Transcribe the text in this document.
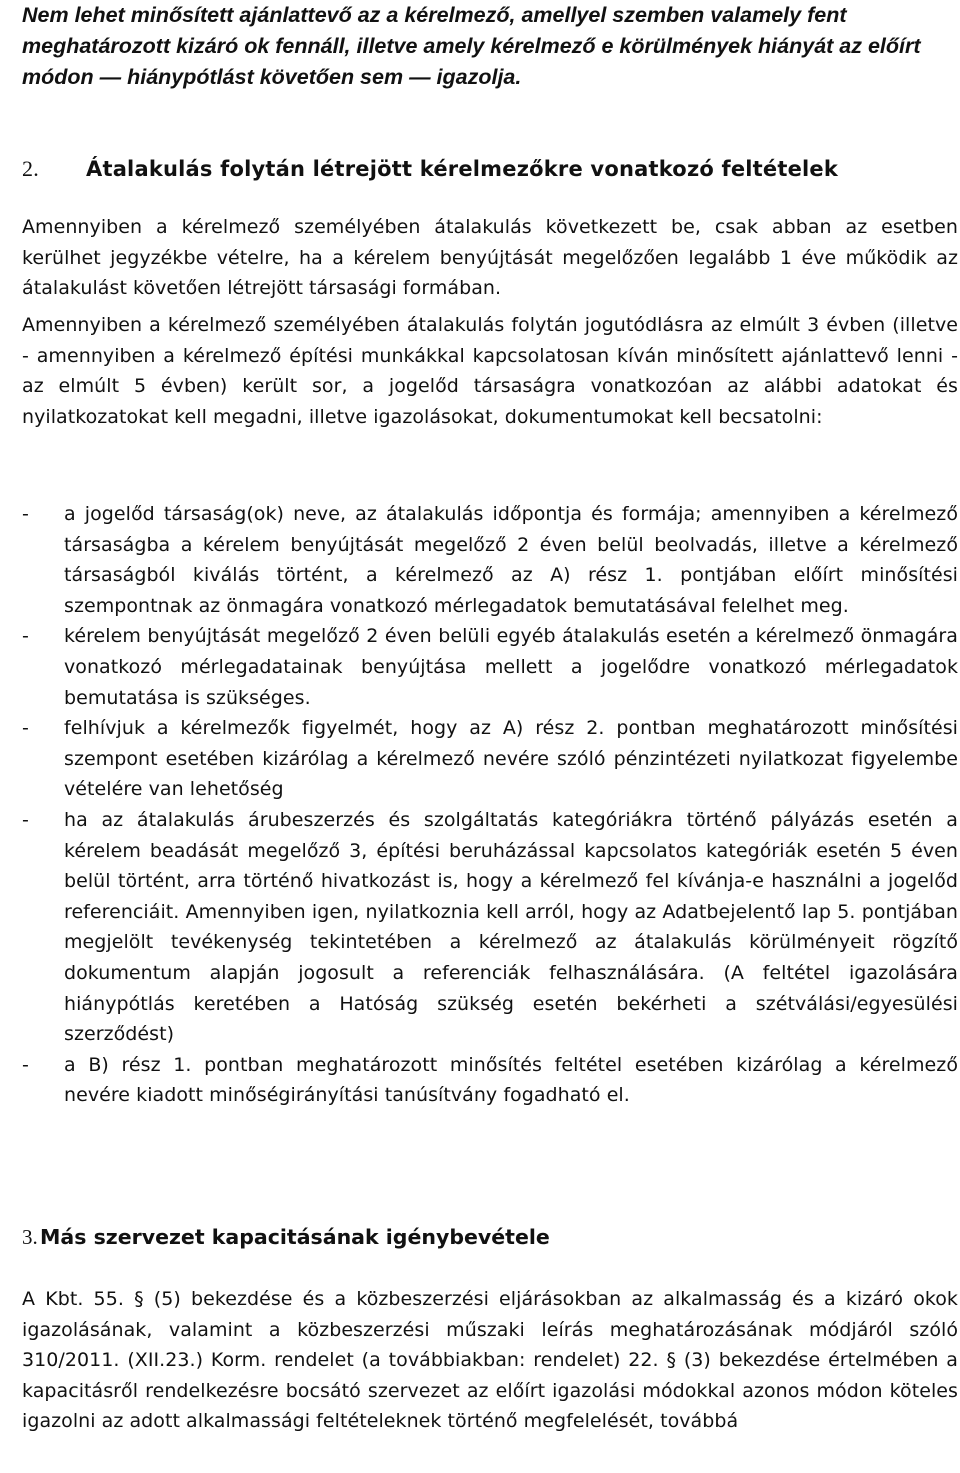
Nem lehet minősített ajánlattevő az a kérelmező, amellyel szemben valamely fent meghatározott kizáró ok fennáll, illetve amely kérelmező e körülmények hiányát az előírt módon — hiánypótlást követően sem — igazolja.

2. Átalakulás folytán létrejött kérelmezőkre vonatkozó feltételek

Amennyiben a kérelmező személyében átalakulás következett be, csak abban az esetben kerülhet jegyzékbe vételre, ha a kérelem benyújtását megelőzően legalább 1 éve működik az átalakulást követően létrejött társasági formában.

Amennyiben a kérelmező személyében átalakulás folytán jogutódlásra az elmúlt 3 évben (illetve - amennyiben a kérelmező építési munkákkal kapcsolatosan kíván minősített ajánlattevő lenni - az elmúlt 5 évben) került sor, a jogelőd társaságra vonatkozóan az alábbi adatokat és nyilatkozatokat kell megadni, illetve igazolásokat, dokumentumokat kell becsatolni:

- a jogelőd társaság(ok) neve, az átalakulás időpontja és formája; amennyiben a kérelmező társaságba a kérelem benyújtását megelőző 2 éven belül beolvadás, illetve a kérelmező társaságból kiválás történt, a kérelmező az A) rész 1. pontjában előírt minősítési szempontnak az önmagára vonatkozó mérlegadatok bemutatásával felelhet meg.
- kérelem benyújtását megelőző 2 éven belüli egyéb átalakulás esetén a kérelmező önmagára vonatkozó mérlegadatainak benyújtása mellett a jogelődre vonatkozó mérlegadatok bemutatása is szükséges.
- felhívjuk a kérelmezők figyelmét, hogy az A) rész 2. pontban meghatározott minősítési szempont esetében kizárólag a kérelmező nevére szóló pénzintézeti nyilatkozat figyelembe vételére van lehetőség
- ha az átalakulás árubeszerzés és szolgáltatás kategóriákra történő pályázás esetén a kérelem beadását megelőző 3, építési beruházással kapcsolatos kategóriák esetén 5 éven belül történt, arra történő hivatkozást is, hogy a kérelmező fel kívánja-e használni a jogelőd referenciáit. Amennyiben igen, nyilatkoznia kell arról, hogy az Adatbejelentő lap 5. pontjában megjelölt tevékenység tekintetében a kérelmező az átalakulás körülményeit rögzítő dokumentum alapján jogosult a referenciák felhasználására. (A feltétel igazolására hiánypótlás keretében a Hatóság szükség esetén bekérheti a szétválási/egyesülési szerződést)
- a B) rész 1. pontban meghatározott minősítés feltétel esetében kizárólag a kérelmező nevére kiadott minőségirányítási tanúsítvány fogadható el.
3. Más szervezet kapacitásának igénybevétele

A Kbt. 55. § (5) bekezdése és a közbeszerzési eljárásokban az alkalmasság és a kizáró okok igazolásának, valamint a közbeszerzési műszaki leírás meghatározásának módjáról szóló 310/2011. (XII.23.) Korm. rendelet (a továbbiakban: rendelet) 22. § (3) bekezdése értelmében a kapacitásről rendelkezésre bocsátó szervezet az előírt igazolási módokkal azonos módon köteles igazolni az adott alkalmassági feltételeknek történő megfelelését, továbbá
